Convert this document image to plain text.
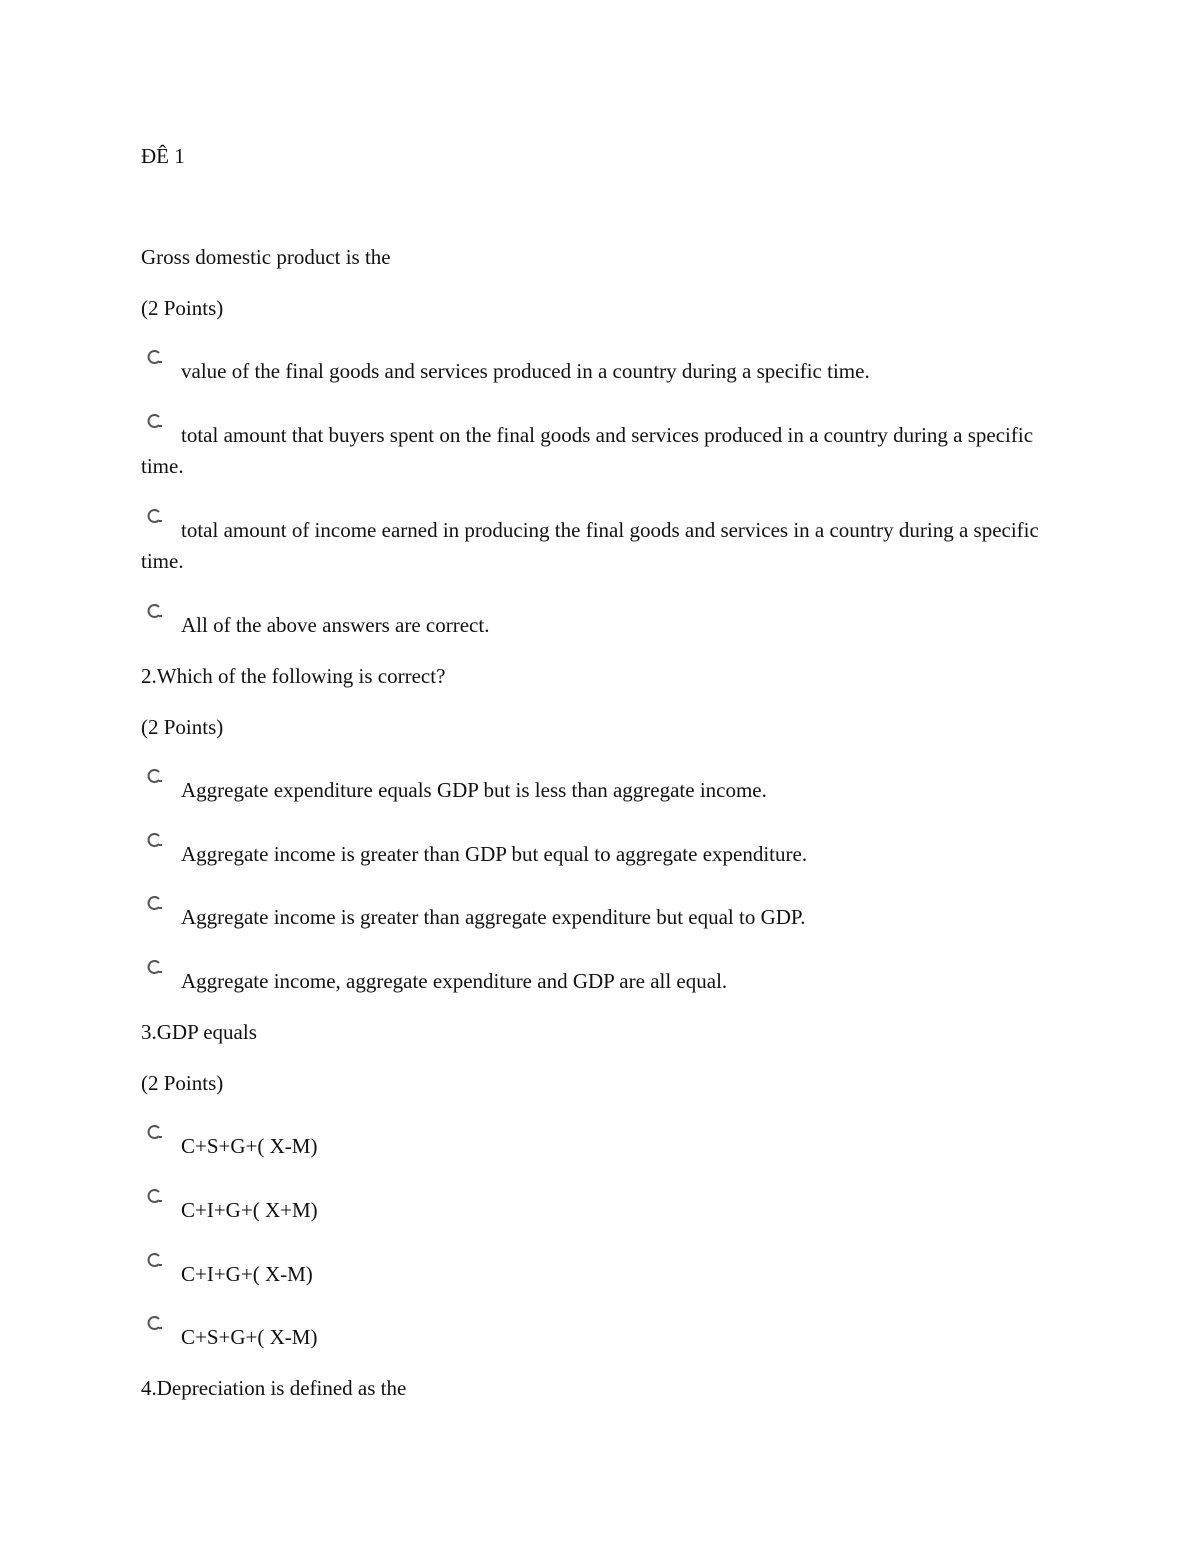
ĐÊ 1
Gross domestic product is the
(2 Points)
value of the final goods and services produced in a country during a specific time.
total amount that buyers spent on the final goods and services produced in a country during a specific time.
total amount of income earned in producing the final goods and services in a country during a specific time.
All of the above answers are correct.
2.Which of the following is correct?
(2 Points)
Aggregate expenditure equals GDP but is less than aggregate income.
Aggregate income is greater than GDP but equal to aggregate expenditure.
Aggregate income is greater than aggregate expenditure but equal to GDP.
Aggregate income, aggregate expenditure and GDP are all equal.
3.GDP equals
(2 Points)
C+S+G+( X-M)
C+I+G+( X+M)
C+I+G+( X-M)
C+S+G+( X-M)
4.Depreciation is defined as the
